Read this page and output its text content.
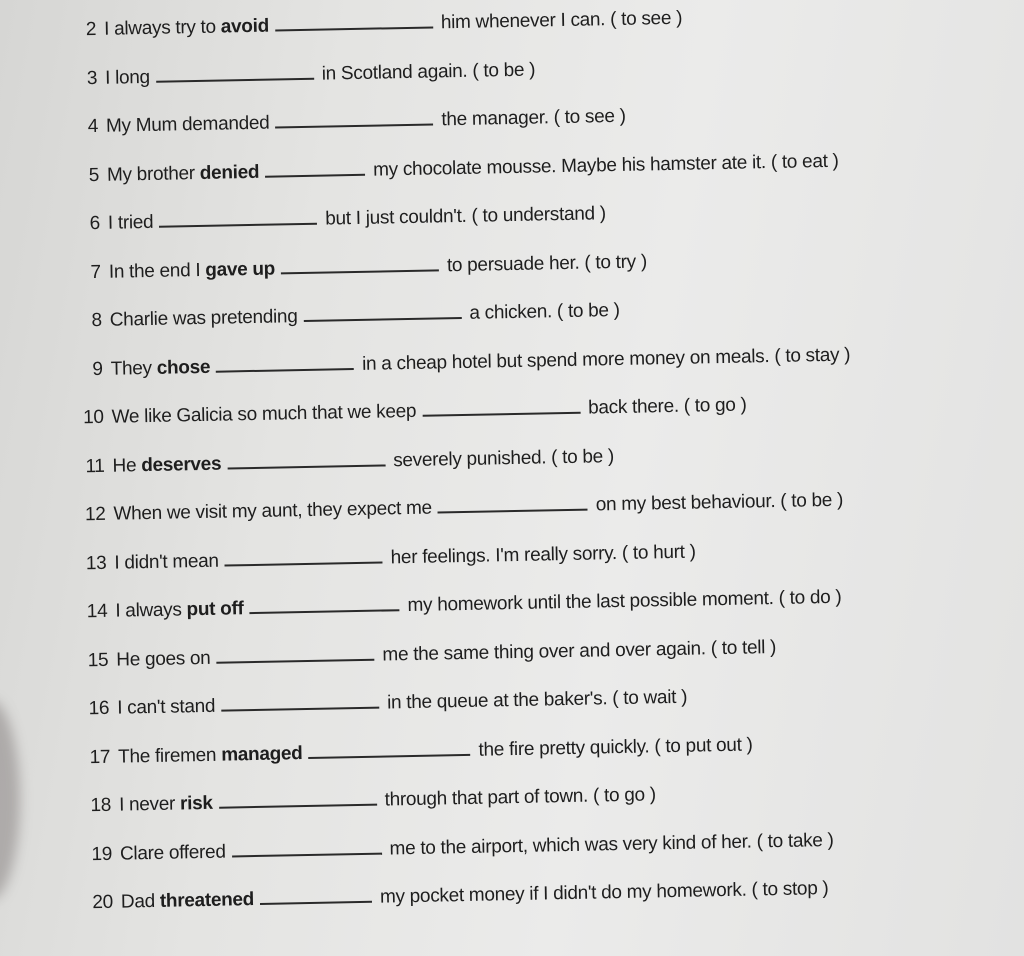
2 I always try to avoid	him whenever I can. ( to see )
3 I long	in Scotland again. ( to be )
4 My Mum demanded	the manager. ( to see )
5 My brother denied	my chocolate mousse. Maybe his hamster ate it. ( to eat )
6 I tried	but I just couldn't. ( to understand )
7 In the end I gave up	to persuade her. ( to try )
8 Charlie was pretending	a chicken. ( to be )
9 They chose	in a cheap hotel but spend more money on meals. ( to stay )
10 We like Galicia so much that we keep	back there. ( to go )
11 He deserves	severely punished. ( to be )
12 When we visit my aunt, they expect me	on my best behaviour. ( to be )
13 I didn't mean	her feelings. I'm really sorry. ( to hurt )
14 I always put off	my homework until the last possible moment. ( to do )
15 He goes on	me the same thing over and over again. ( to tell )
16 I can't stand	in the queue at the baker's. ( to wait )
17 The firemen managed	the fire pretty quickly. ( to put out )
18 I never risk	through that part of town. ( to go )
19 Clare offered	me to the airport, which was very kind of her. ( to take )
20 Dad threatened	my pocket money if I didn't do my homework. ( to stop )
